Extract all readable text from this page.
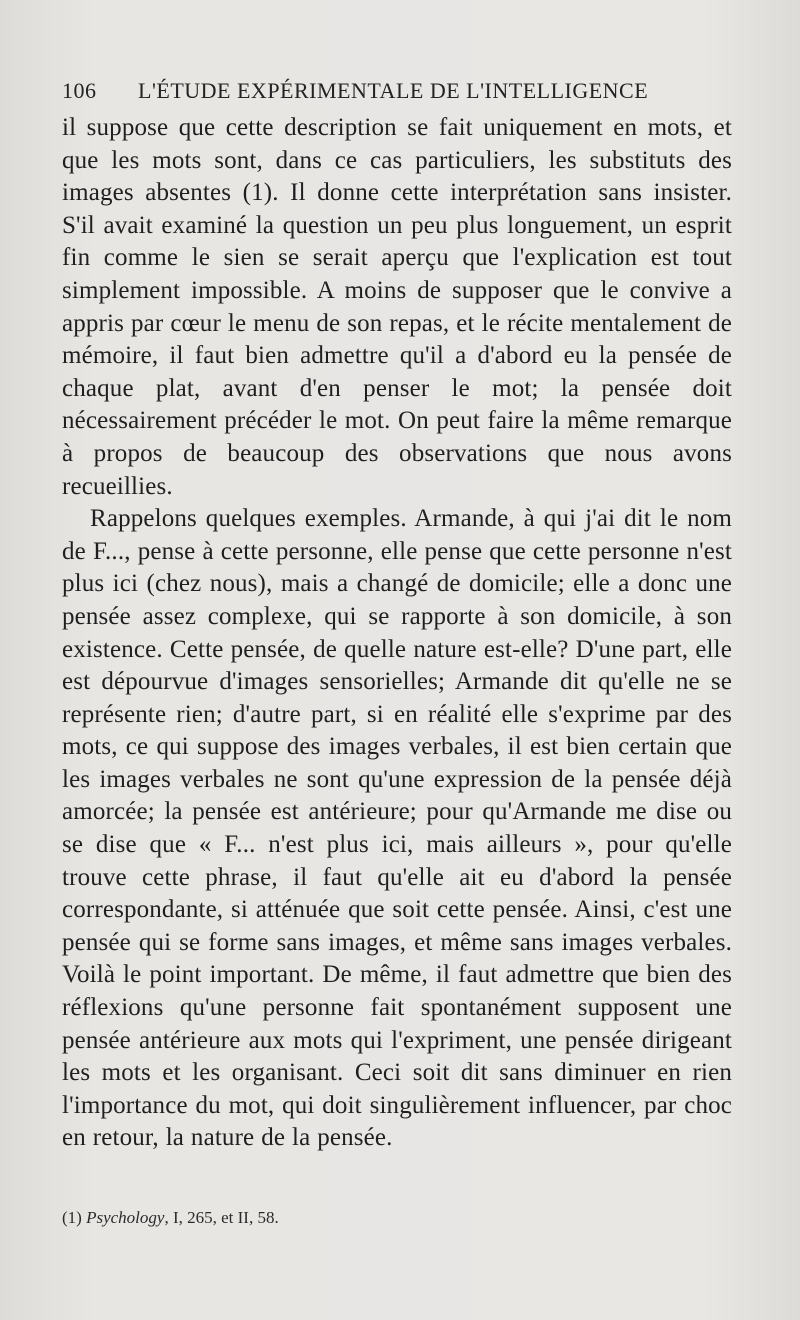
106 L'ÉTUDE EXPÉRIMENTALE DE L'INTELLIGENCE

il suppose que cette description se fait uniquement en mots, et que les mots sont, dans ce cas particuliers, les substituts des images absentes (1). Il donne cette interprétation sans insister. S'il avait examiné la question un peu plus longuement, un esprit fin comme le sien se serait aperçu que l'explication est tout simplement impossible. A moins de supposer que le convive a appris par cœur le menu de son repas, et le récite mentalement de mémoire, il faut bien admettre qu'il a d'abord eu la pensée de chaque plat, avant d'en penser le mot; la pensée doit nécessairement précéder le mot. On peut faire la même remarque à propos de beaucoup des observations que nous avons recueillies.

Rappelons quelques exemples. Armande, à qui j'ai dit le nom de F..., pense à cette personne, elle pense que cette personne n'est plus ici (chez nous), mais a changé de domicile; elle a donc une pensée assez complexe, qui se rapporte à son domicile, à son existence. Cette pensée, de quelle nature est-elle? D'une part, elle est dépourvue d'images sensorielles; Armande dit qu'elle ne se représente rien; d'autre part, si en réalité elle s'exprime par des mots, ce qui suppose des images verbales, il est bien certain que les images verbales ne sont qu'une expression de la pensée déjà amorcée; la pensée est antérieure; pour qu'Armande me dise ou se dise que « F... n'est plus ici, mais ailleurs », pour qu'elle trouve cette phrase, il faut qu'elle ait eu d'abord la pensée correspondante, si atténuée que soit cette pensée. Ainsi, c'est une pensée qui se forme sans images, et même sans images verbales. Voilà le point important. De même, il faut admettre que bien des réflexions qu'une personne fait spontanément supposent une pensée antérieure aux mots qui l'expriment, une pensée dirigeant les mots et les organisant. Ceci soit dit sans diminuer en rien l'importance du mot, qui doit singulièrement influencer, par choc en retour, la nature de la pensée.

(1) Psychology, I, 265, et II, 58.
